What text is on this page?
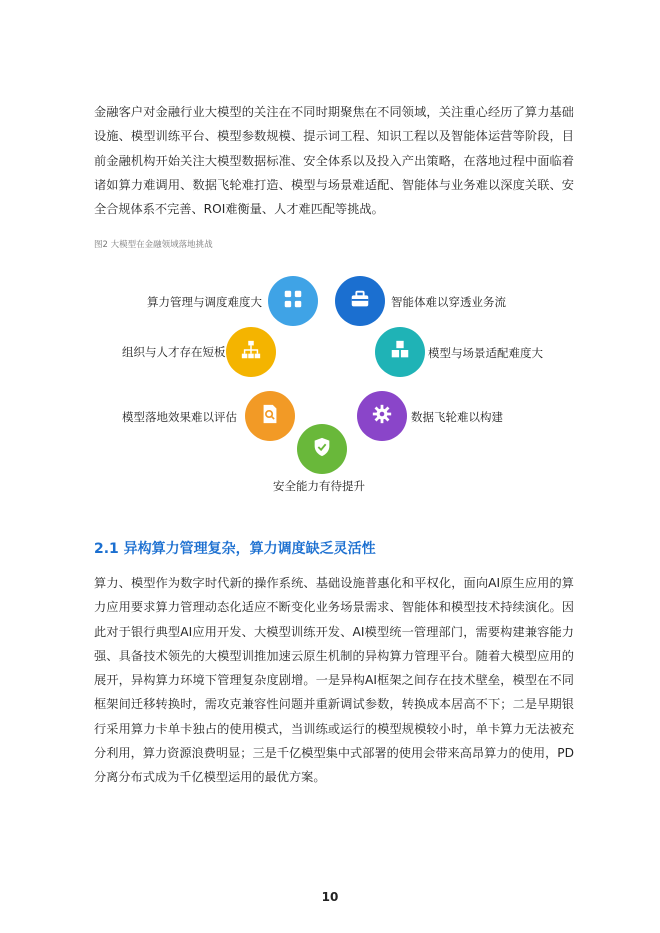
金融客户对金融行业大模型的关注在不同时期聚焦在不同领域，关注重心经历了算力基础设施、模型训练平台、模型参数规模、提示词工程、知识工程以及智能体运营等阶段，目前金融机构开始关注大模型数据标准、安全体系以及投入产出策略，在落地过程中面临着诸如算力难调用、数据飞轮难打造、模型与场景难适配、智能体与业务难以深度关联、安全合规体系不完善、ROI难衡量、人才难匹配等挑战。

图2 大模型在金融领域落地挑战

算力管理与调度难度大	智能体难以穿透业务流
组织与人才存在短板	模型与场景适配难度大
模型落地效果难以评估	数据飞轮难以构建
安全能力有待提升
2.1 异构算力管理复杂，算力调度缺乏灵活性

算力、模型作为数字时代新的操作系统、基础设施普惠化和平权化，面向AI原生应用的算力应用要求算力管理动态化适应不断变化业务场景需求、智能体和模型技术持续演化。因此对于银行典型AI应用开发、大模型训练开发、AI模型统一管理部门，需要构建兼容能力强、具备技术领先的大模型训推加速云原生机制的异构算力管理平台。随着大模型应用的展开，异构算力环境下管理复杂度剧增。一是异构AI框架之间存在技术壁垒，模型在不同框架间迁移转换时，需攻克兼容性问题并重新调试参数，转换成本居高不下；二是早期银行采用算力卡单卡独占的使用模式，当训练或运行的模型规模较小时，单卡算力无法被充分利用，算力资源浪费明显；三是千亿模型集中式部署的使用会带来高昂算力的使用，PD分离分布式成为千亿模型运用的最优方案。

10
